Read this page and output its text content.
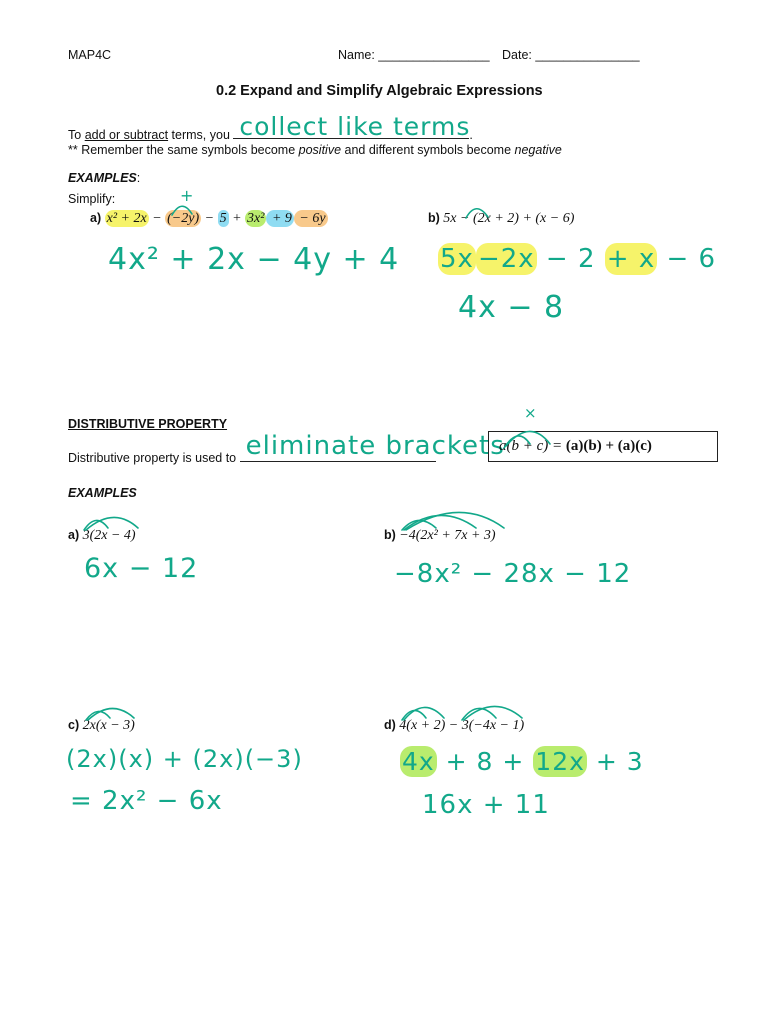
MAP4C	Name: ________________ Date: _______________
0.2 Expand and Simplify Algebraic Expressions
To add or subtract terms, you collect like terms
.
** Remember the same symbols become positive and different symbols become negative
EXAMPLES:
Simplify:	+
a) x² + 2x − (−2y) − 5 + 3x² + 9 − 6y
4x² + 2x − 4y + 4
b) 5x − (2x + 2) + (x − 6)
5x −2x − 2 + x − 6
4x − 8
DISTRIBUTIVE PROPERTY
Distributive property is used to eliminate brackets
×
a(b + c) = (a)(b) + (a)(c)
EXAMPLES
a) 3(2x − 4)
6x − 12
b) −4(2x² + 7x + 3)
−8x² − 28x − 12
c) 2x(x − 3)
(2x)(x) + (2x)(−3)
= 2x² − 6x
d) 4(x + 2) − 3(−4x − 1)
4x + 8 + 12x + 3
16x + 11
